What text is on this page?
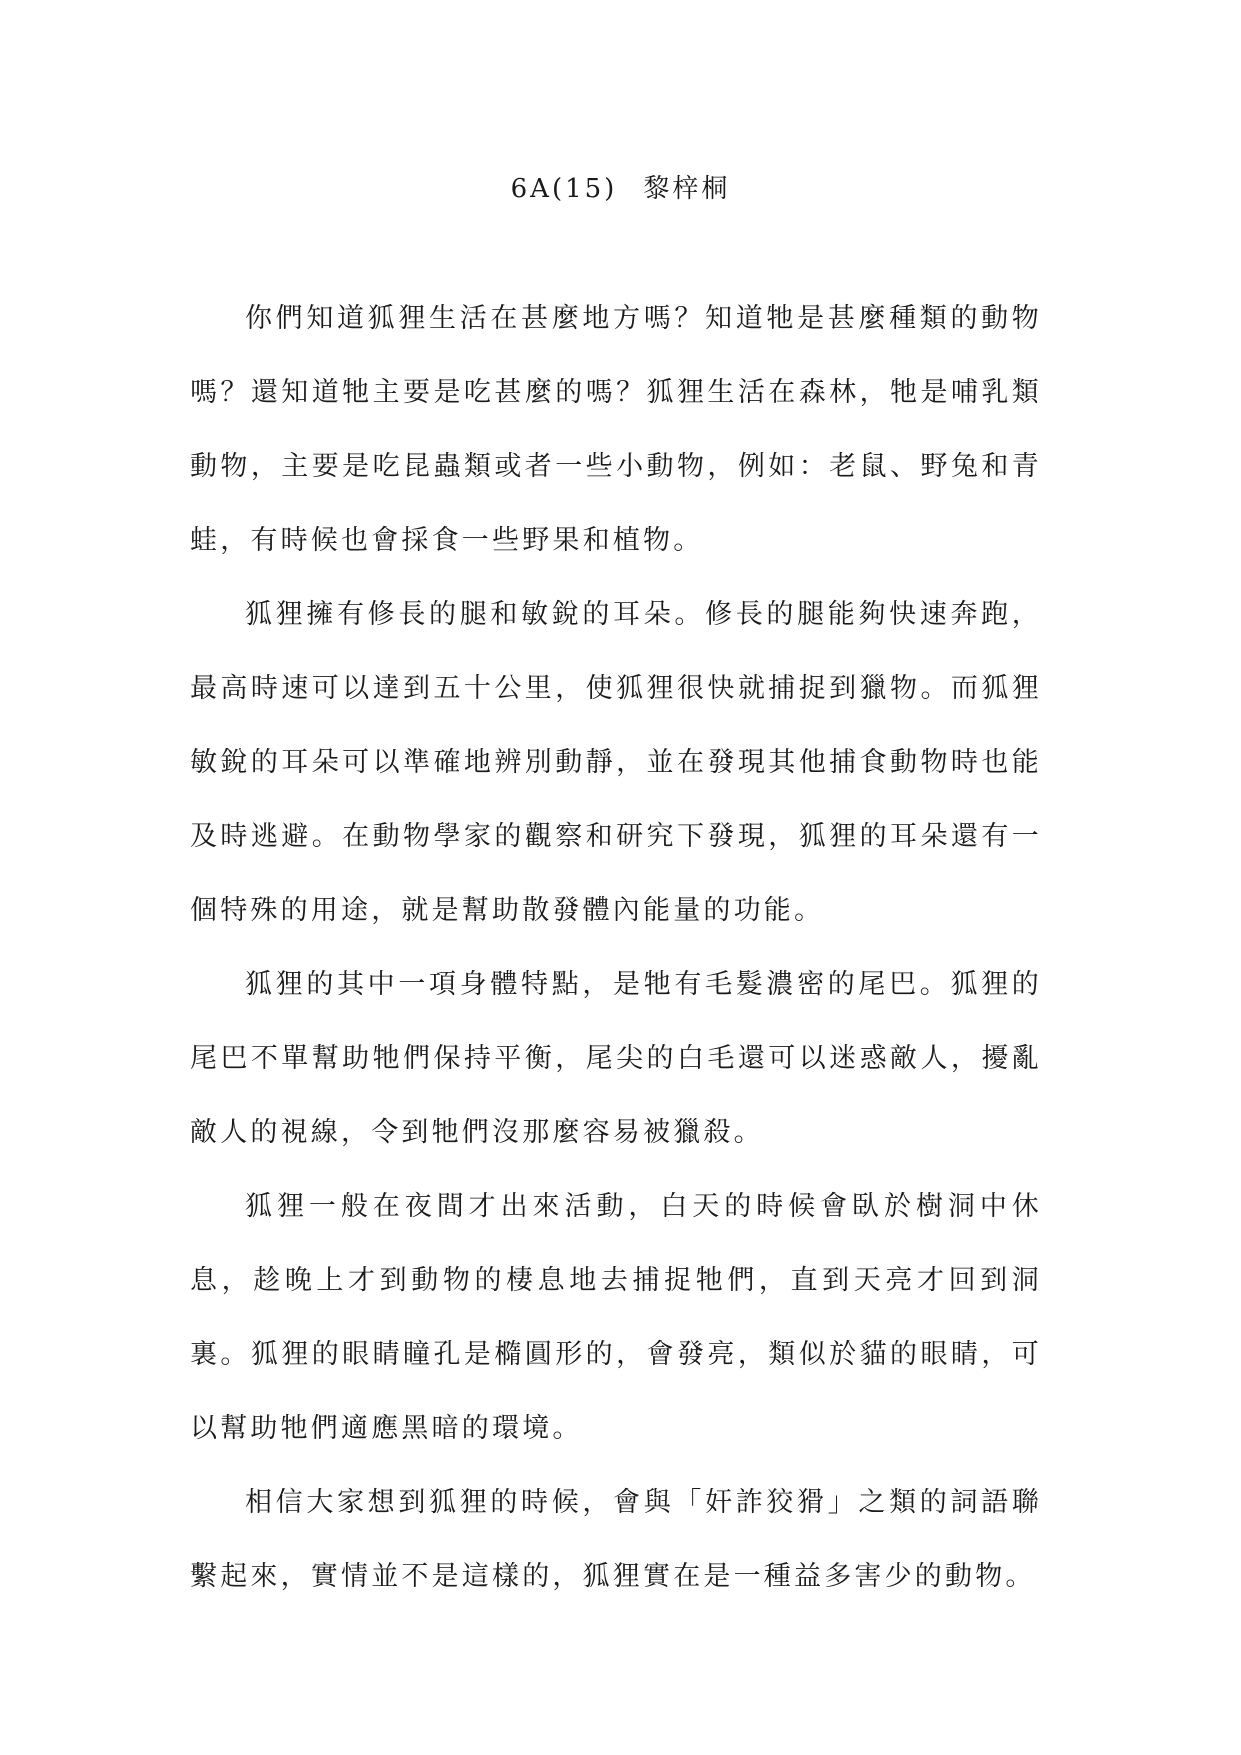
6A(15) 黎梓桐

你們知道狐狸生活在甚麼地方嗎？知道牠是甚麼種類的動物嗎？還知道牠主要是吃甚麼的嗎？狐狸生活在森林，牠是哺乳類動物，主要是吃昆蟲類或者一些小動物，例如：老鼠、野兔和青蛙，有時候也會採食一些野果和植物。

狐狸擁有修長的腿和敏銳的耳朵。修長的腿能夠快速奔跑，最高時速可以達到五十公里，使狐狸很快就捕捉到獵物。而狐狸敏銳的耳朵可以準確地辨別動靜，並在發現其他捕食動物時也能及時逃避。在動物學家的觀察和研究下發現，狐狸的耳朵還有一個特殊的用途，就是幫助散發體內能量的功能。

狐狸的其中一項身體特點，是牠有毛髮濃密的尾巴。狐狸的尾巴不單幫助牠們保持平衡，尾尖的白毛還可以迷惑敵人，擾亂敵人的視線，令到牠們沒那麼容易被獵殺。

狐狸一般在夜間才出來活動，白天的時候會臥於樹洞中休息，趁晚上才到動物的棲息地去捕捉牠們，直到天亮才回到洞裏。狐狸的眼睛瞳孔是橢圓形的，會發亮，類似於貓的眼睛，可以幫助牠們適應黑暗的環境。

相信大家想到狐狸的時候，會與「奸詐狡猾」之類的詞語聯繫起來，實情並不是這樣的，狐狸實在是一種益多害少的動物。
